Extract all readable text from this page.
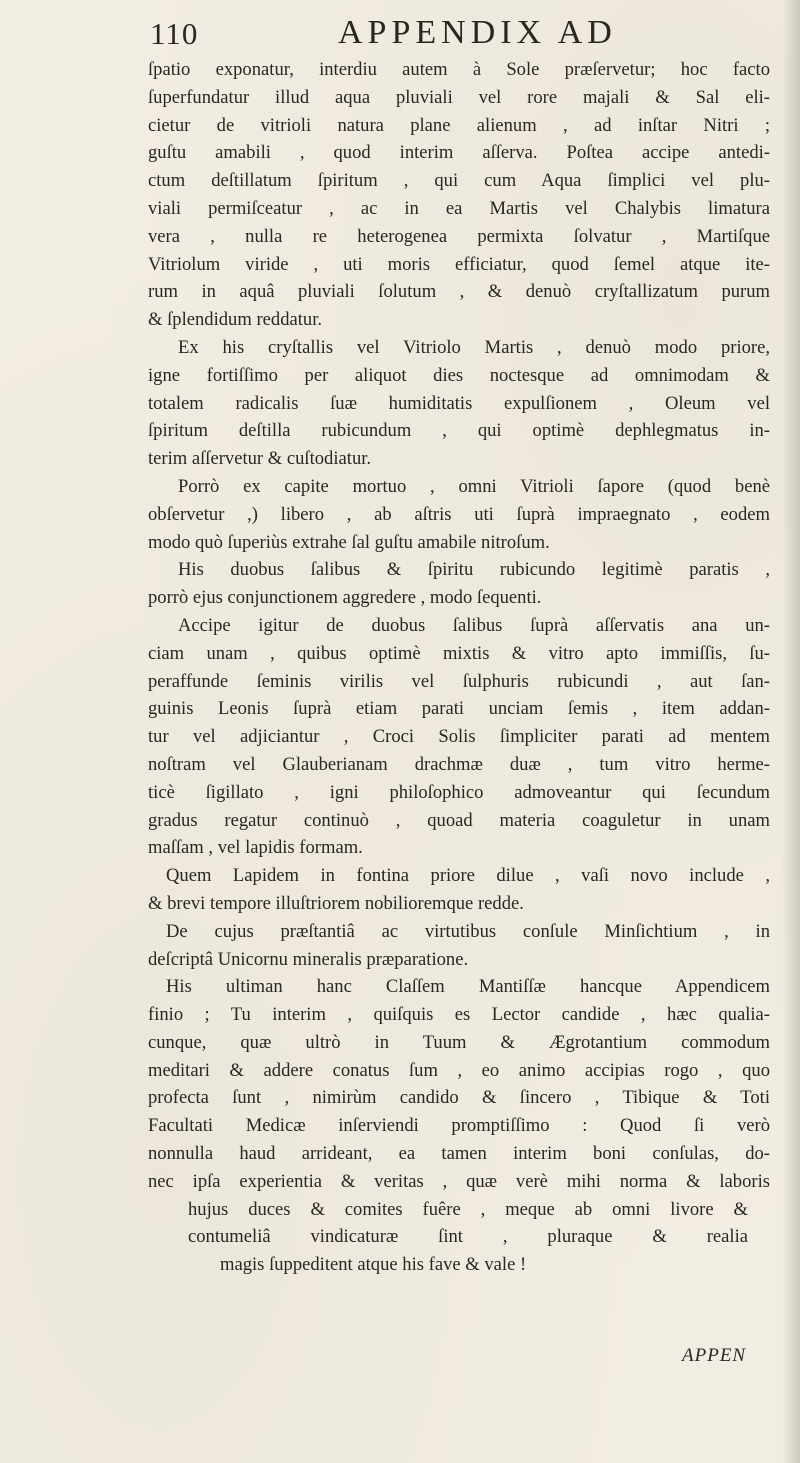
110	APPENDIX AD
ſpatio exponatur, interdiu autem à Sole præſervetur; hoc facto
ſuperfundatur illud aqua pluviali vel rore majali & Sal eli-
cietur de vitrioli natura plane alienum , ad inſtar Nitri ;
guſtu amabili , quod interim aſſerva. Poſtea accipe antedi-
ctum deſtillatum ſpiritum , qui cum Aqua ſimplici vel plu-
viali permiſceatur , ac in ea Martis vel Chalybis limatura
vera , nulla re heterogenea permixta ſolvatur , Martiſque
Vitriolum viride , uti moris efficiatur, quod ſemel atque ite-
rum in aquâ pluviali ſolutum , & denuò cryſtallizatum purum
& ſplendidum reddatur.
Ex his cryſtallis vel Vitriolo Martis , denuò modo priore,
igne fortiſſimo per aliquot dies noctesque ad omnimodam &
totalem radicalis ſuæ humiditatis expulſionem , Oleum vel
ſpiritum deſtilla rubicundum , qui optimè dephlegmatus in-
terim aſſervetur & cuſtodiatur.
Porrò ex capite mortuo , omni Vitrioli ſapore (quod benè
obſervetur ,) libero , ab aſtris uti ſuprà impraegnato , eodem
modo quò ſuperiùs extrahe ſal guſtu amabile nitroſum.
His duobus ſalibus & ſpiritu rubicundo legitimè paratis ,
porrò ejus conjunctionem aggredere , modo ſequenti.
Accipe igitur de duobus ſalibus ſuprà aſſervatis ana un-
ciam unam , quibus optimè mixtis & vitro apto immiſſis, ſu-
peraffunde ſeminis virilis vel ſulphuris rubicundi , aut ſan-
guinis Leonis ſuprà etiam parati unciam ſemis , item addan-
tur vel adjiciantur , Croci Solis ſimpliciter parati ad mentem
noſtram vel Glauberianam drachmæ duæ , tum vitro herme-
ticè ſigillato , igni philoſophico admoveantur qui ſecundum
gradus regatur continuò , quoad materia coaguletur in unam
maſſam , vel lapidis formam.
Quem Lapidem in fontina priore dilue , vaſi novo include ,
& brevi tempore illuſtriorem nobilioremque redde.
De cujus præſtantiâ ac virtutibus conſule Minſichtium , in
deſcriptâ Unicornu mineralis præparatione.
His ultiman hanc Claſſem Mantiſſæ hancque Appendicem
finio ; Tu interim , quiſquis es Lector candide , hæc qualia-
cunque, quæ ultrò in Tuum & Ægrotantium commodum
meditari & addere conatus ſum , eo animo accipias rogo , quo
profecta ſunt , nimirùm candido & ſincero , Tibique & Toti
Facultati Medicæ inſerviendi promptiſſimo : Quod ſi verò
nonnulla haud arrideant, ea tamen interim boni conſulas, do-
nec ipſa experientia & veritas , quæ verè mihi norma & laboris
hujus duces & comites fuêre , meque ab omni livore &
contumeliâ vindicaturæ ſint , pluraque & realia
magis ſuppeditent atque his fave & vale !
APPEN
